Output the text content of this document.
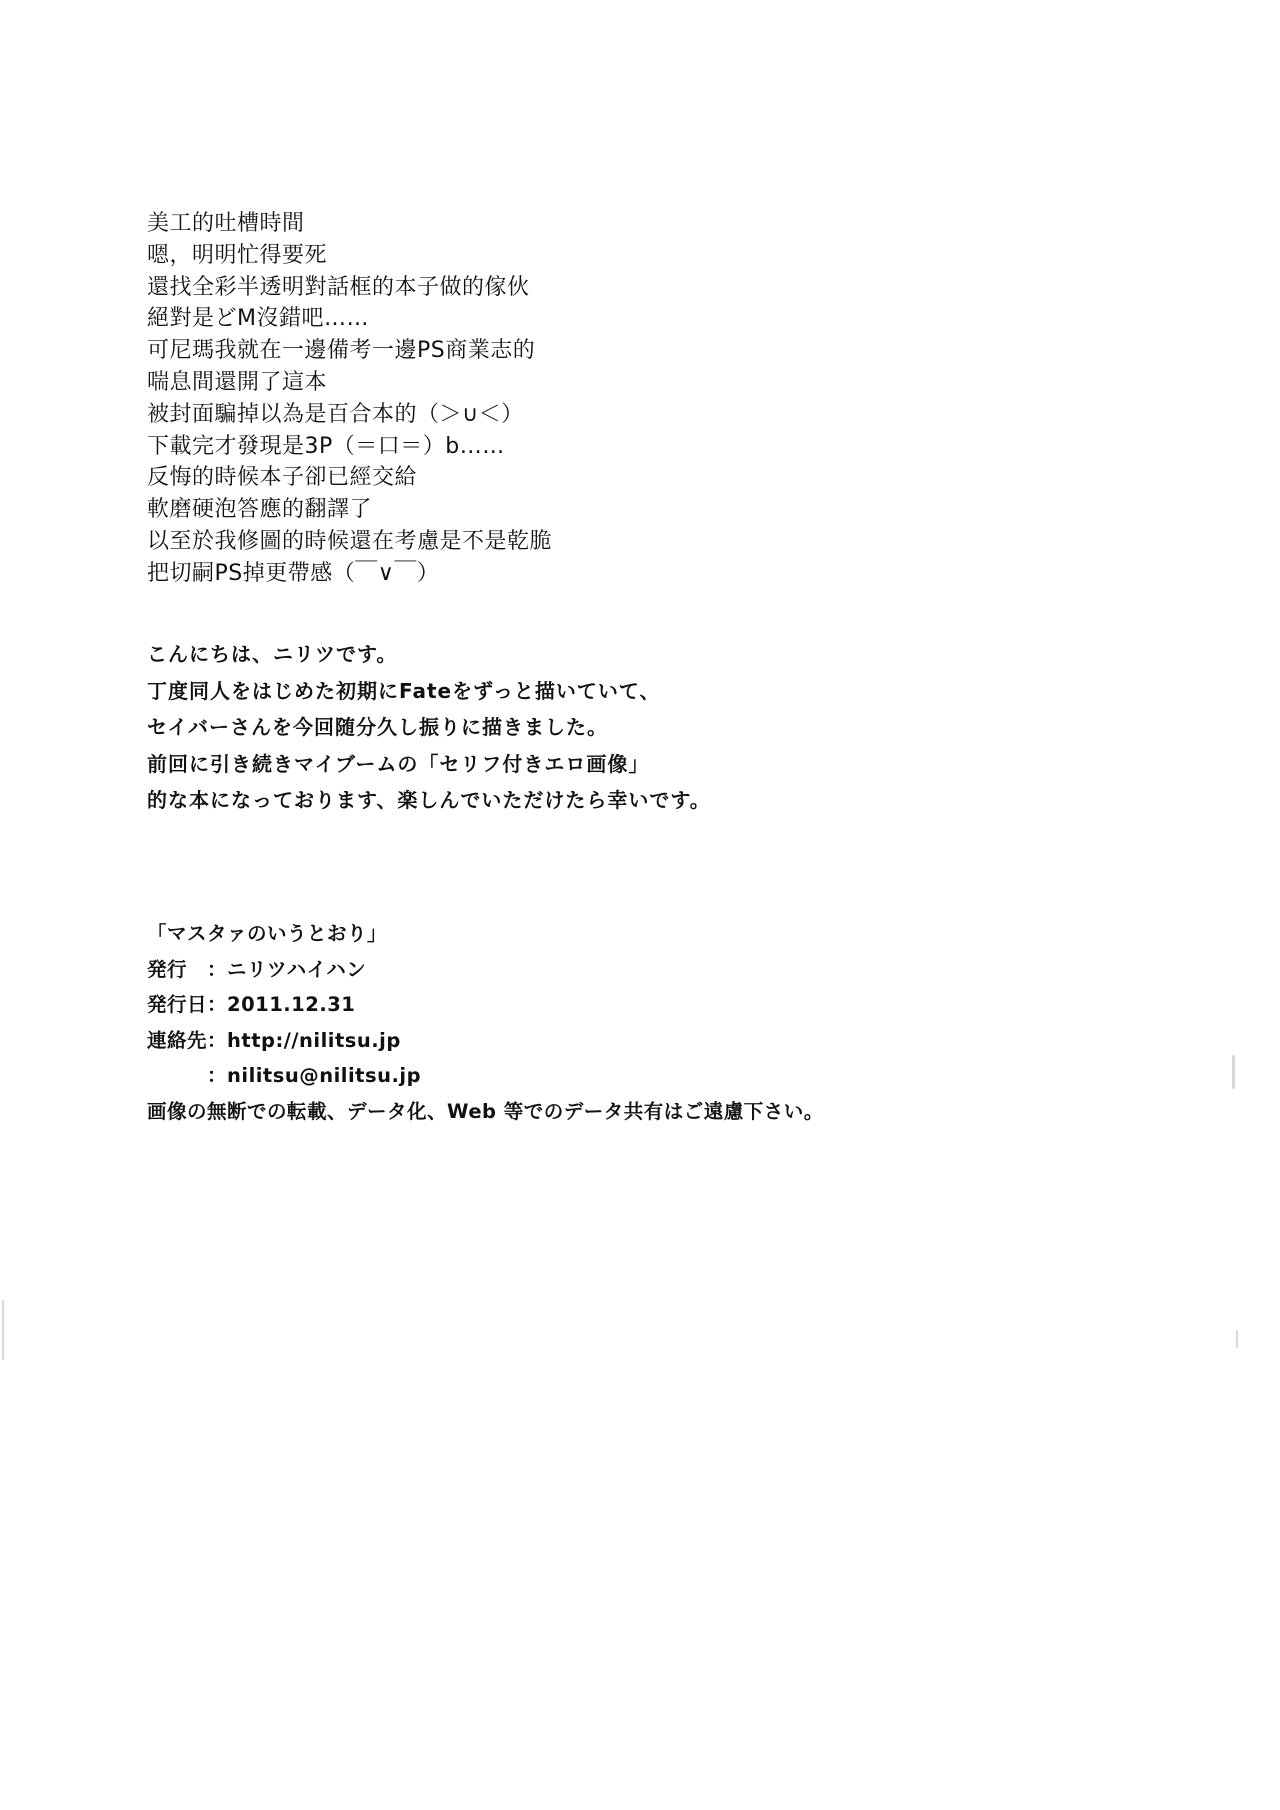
美工的吐槽時間
嗯，明明忙得要死
還找全彩半透明對話框的本子做的傢伙
絕對是どM沒錯吧……
可尼瑪我就在一邊備考一邊PS商業志的
喘息間還開了這本
被封面騙掉以為是百合本的（＞∪＜）
下載完才發現是3P（＝口＝）b……
反悔的時候本子卻已經交給
軟磨硬泡答應的翻譯了
以至於我修圖的時候還在考慮是不是乾脆
把切嗣PS掉更帶感（￣∨￣）
こんにちは、ニリツです。
丁度同人をはじめた初期にFateをずっと描いていて、
セイバーさんを今回随分久し振りに描きました。
前回に引き続きマイブームの「セリフ付きエロ画像」
的な本になっております、楽しんでいただけたら幸いです。
「マスタァのいうとおり」
発行　：ニリツハイハン
発行日：2011.12.31
連絡先：http://nilitsu.jp
　　　：nilitsu@nilitsu.jp
画像の無断での転載、データ化、Web 等でのデータ共有はご遠慮下さい。
